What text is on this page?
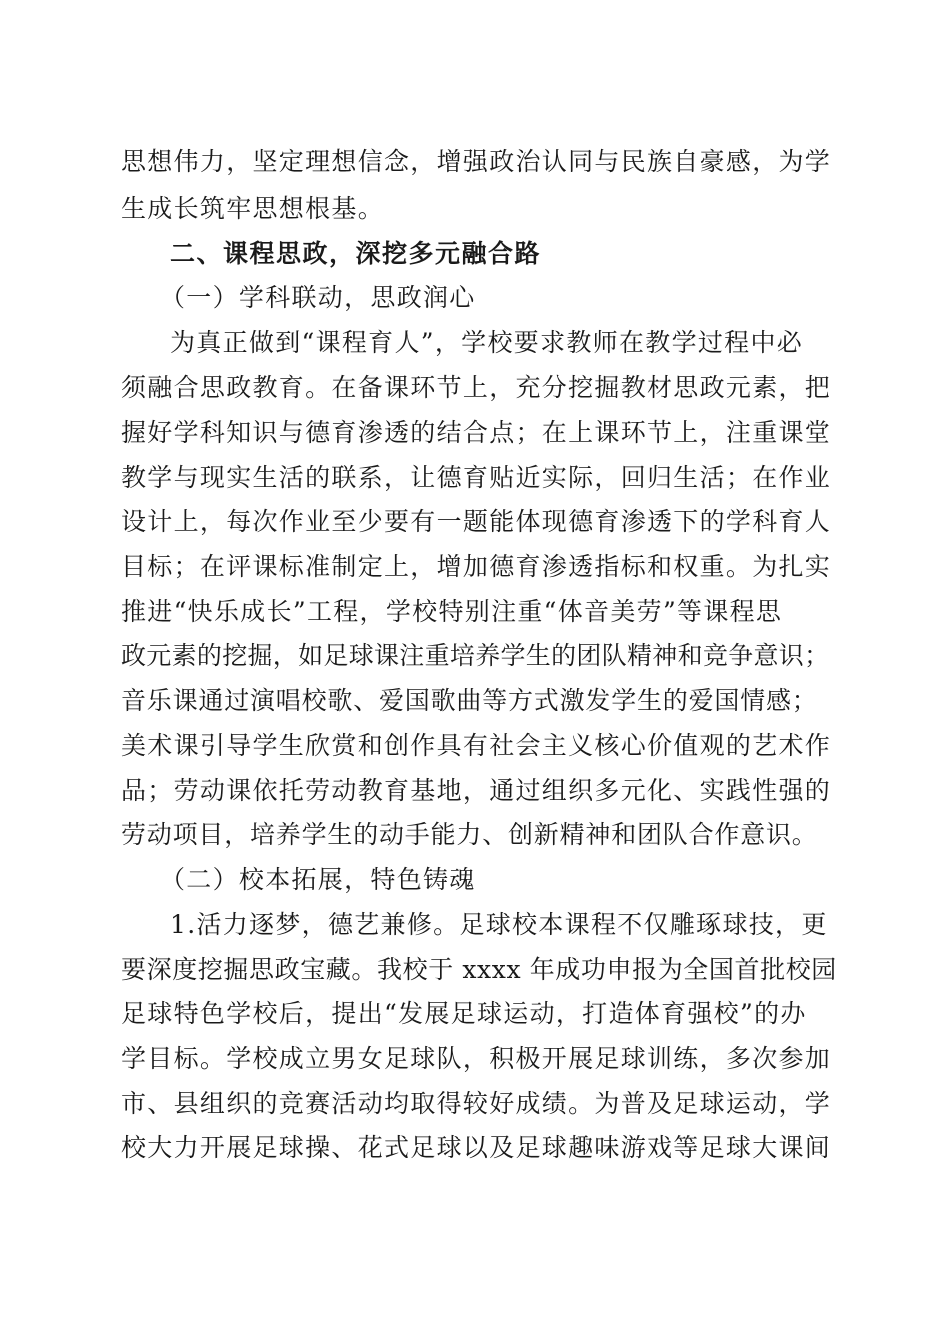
思想伟力，坚定理想信念，增强政治认同与民族自豪感，为学
生成长筑牢思想根基。
二、课程思政，深挖多元融合路
（一）学科联动，思政润心
为真正做到“课程育人”，学校要求教师在教学过程中必
须融合思政教育。在备课环节上，充分挖掘教材思政元素，把
握好学科知识与德育渗透的结合点；在上课环节上，注重课堂
教学与现实生活的联系，让德育贴近实际，回归生活；在作业
设计上，每次作业至少要有一题能体现德育渗透下的学科育人
目标；在评课标准制定上，增加德育渗透指标和权重。为扎实
推进“快乐成长”工程，学校特别注重“体音美劳”等课程思
政元素的挖掘，如足球课注重培养学生的团队精神和竞争意识；
音乐课通过演唱校歌、爱国歌曲等方式激发学生的爱国情感；
美术课引导学生欣赏和创作具有社会主义核心价值观的艺术作
品；劳动课依托劳动教育基地，通过组织多元化、实践性强的
劳动项目，培养学生的动手能力、创新精神和团队合作意识。
（二）校本拓展，特色铸魂
1.活力逐梦，德艺兼修。足球校本课程不仅雕琢球技，更
要深度挖掘思政宝藏。我校于 xxxx 年成功申报为全国首批校园
足球特色学校后，提出“发展足球运动，打造体育强校”的办
学目标。学校成立男女足球队，积极开展足球训练，多次参加
市、县组织的竞赛活动均取得较好成绩。为普及足球运动，学
校大力开展足球操、花式足球以及足球趣味游戏等足球大课间
